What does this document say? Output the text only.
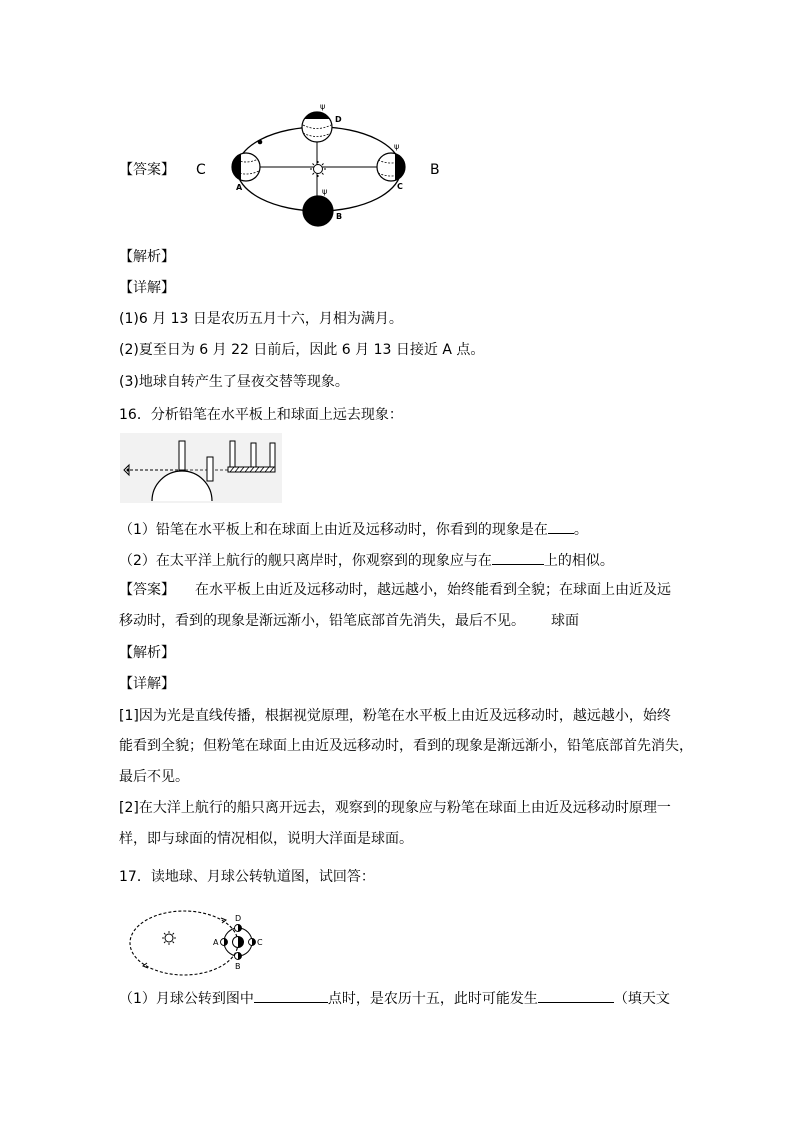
ψ
ψ
ψ
A
B
C
D
【答案】 C	B
【解析】
【详解】
(1)6 月 13 日是农历五月十六，月相为满月。
(2)夏至日为 6 月 22 日前后，因此 6 月 13 日接近 A 点。
(3)地球自转产生了昼夜交替等现象。
16．分析铅笔在水平板上和球面上远去现象：
（1）铅笔在水平板上和在球面上由近及远移动时，你看到的现象是在 。
（2）在太平洋上航行的舰只离岸时，你观察到的现象应与在	上的相似。
【答案】 在水平板上由近及远移动时，越远越小，始终能看到全貌；在球面上由近及远
移动时，看到的现象是渐远渐小，铅笔底部首先消失，最后不见。 球面
【解析】
【详解】
[1]因为光是直线传播，根据视觉原理，粉笔在水平板上由近及远移动时，越远越小，始终
能看到全貌；但粉笔在球面上由近及远移动时，看到的现象是渐远渐小，铅笔底部首先消失，
最后不见。
[2]在大洋上航行的船只离开远去，观察到的现象应与粉笔在球面上由近及远移动时原理一
样，即与球面的情况相似，说明大洋面是球面。
17．读地球、月球公转轨道图，试回答：
A
B
C
D
（1）月球公转到图中	点时，是农历十五，此时可能发生	（填天文
